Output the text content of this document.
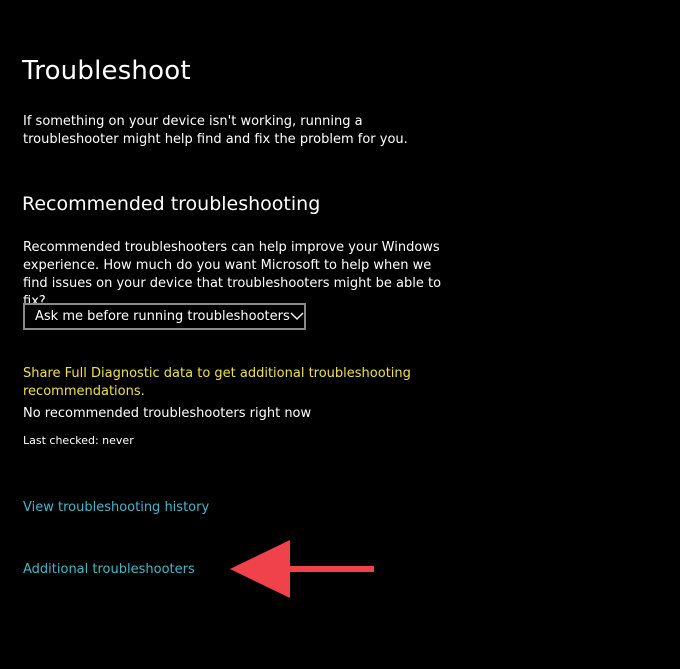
Troubleshoot

If something on your device isn't working, running a troubleshooter might help find and fix the problem for you.

Recommended troubleshooting

Recommended troubleshooters can help improve your Windows experience. How much do you want Microsoft to help when we find issues on your device that troubleshooters might be able to fix?

Ask me before running troubleshooters

Share Full Diagnostic data to get additional troubleshooting recommendations.

No recommended troubleshooters right now

Last checked: never

View troubleshooting history

Additional troubleshooters
